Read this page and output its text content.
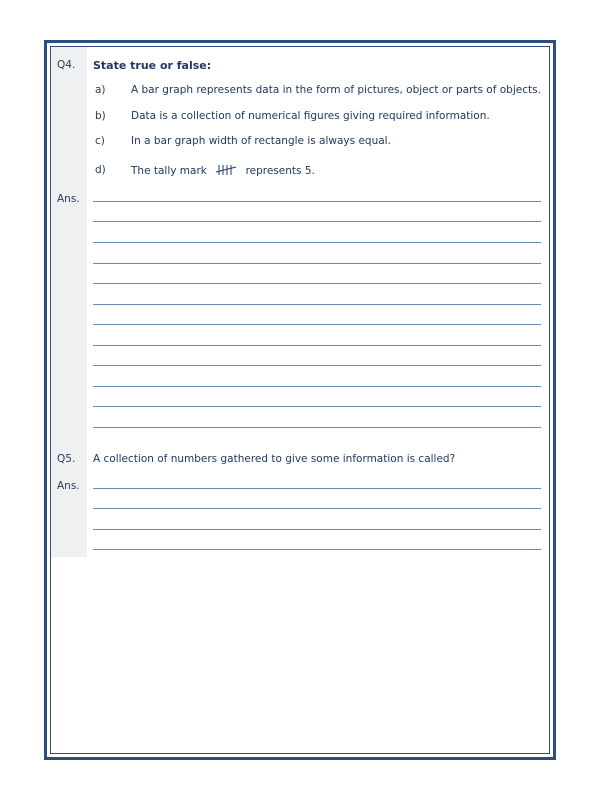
Q4. State true or false:
a) A bar graph represents data in the form of pictures, object or parts of objects.
b) Data is a collection of numerical figures giving required information.
c) In a bar graph width of rectangle is always equal.
d) The tally mark	represents 5.
Ans.
Q5. A collection of numbers gathered to give some information is called?
Ans.
